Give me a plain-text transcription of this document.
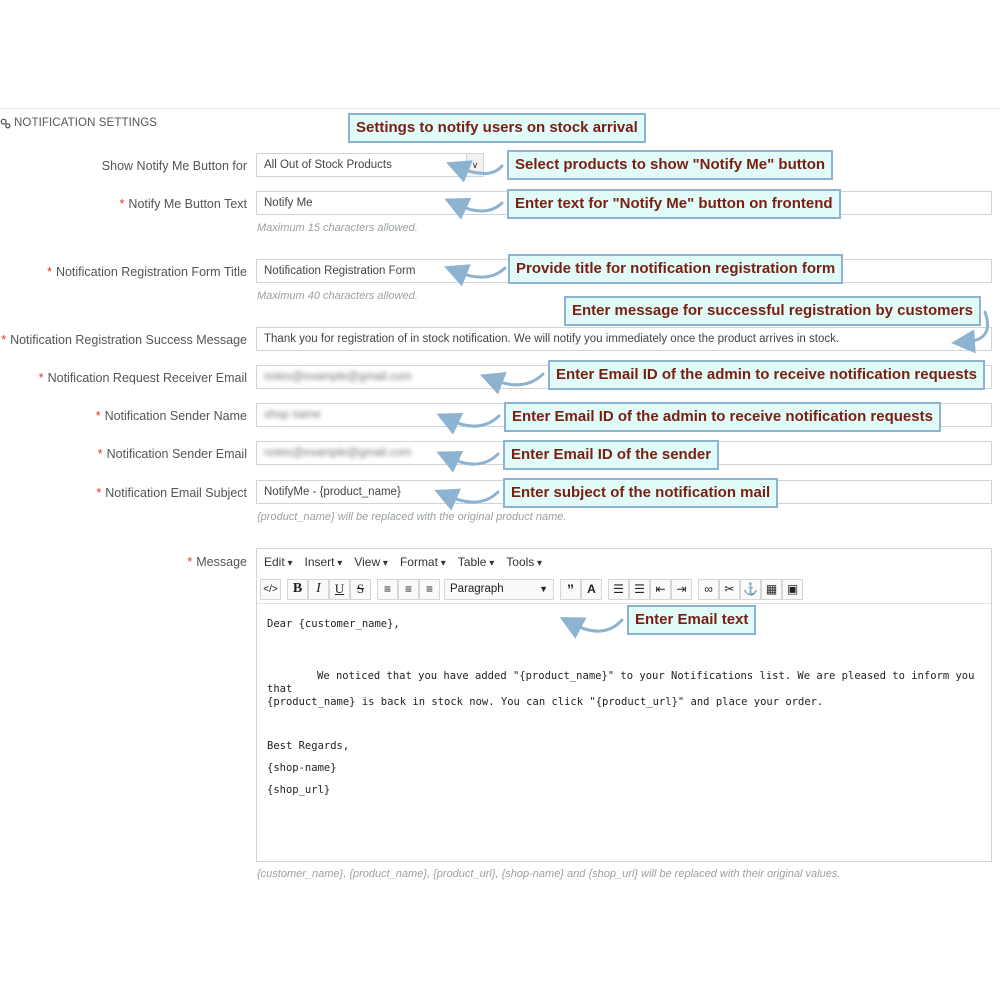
NOTIFICATION SETTINGS
Show Notify Me Button for	All Out of Stock Products	∨
* Notify Me Button Text	Notify Me
Maximum 15 characters allowed.
* Notification Registration Form Title	Notification Registration Form
Maximum 40 characters allowed.
* Notification Registration Success Message	Thank you for registration of in stock notification. We will notify you immediately once the product arrives in stock.
* Notification Request Receiver Email	notes@example@gmail.com
* Notification Sender Name	shop name
* Notification Sender Email	notes@example@gmail.com
* Notification Email Subject	NotifyMe - {product_name}
{product_name} will be replaced with the original product name.
* Message Edit ▾	Insert ▾	View ▾	Format ▾	Table ▾	Tools ▾
</>	B I	U S	≡	≡	≡	Paragraph	▼	”	A	☰ ☰ ⇤ ⇥	∞ ✂ ⚓ ▦ ▣

Dear {customer_name},

We noticed that you have added "{product_name}" to your Notifications list. We are pleased to inform you that

{product_name} is back in stock now. You can click "{product_url}" and place your order.

Best Regards,

{shop-name}

{shop_url}

{customer_name}, {product_name}, {product_url}, {shop-name} and {shop_url} will be replaced with their original values.
Settings to notify users on stock arrival
Select products to show "Notify Me" button
Enter text for "Notify Me" button on frontend
Provide title for notification registration form
Enter message for successful registration by customers
Enter Email ID of the admin to receive notification requests
Enter Email ID of the admin to receive notification requests
Enter Email ID of the sender
Enter subject of the notification mail
Enter Email text
